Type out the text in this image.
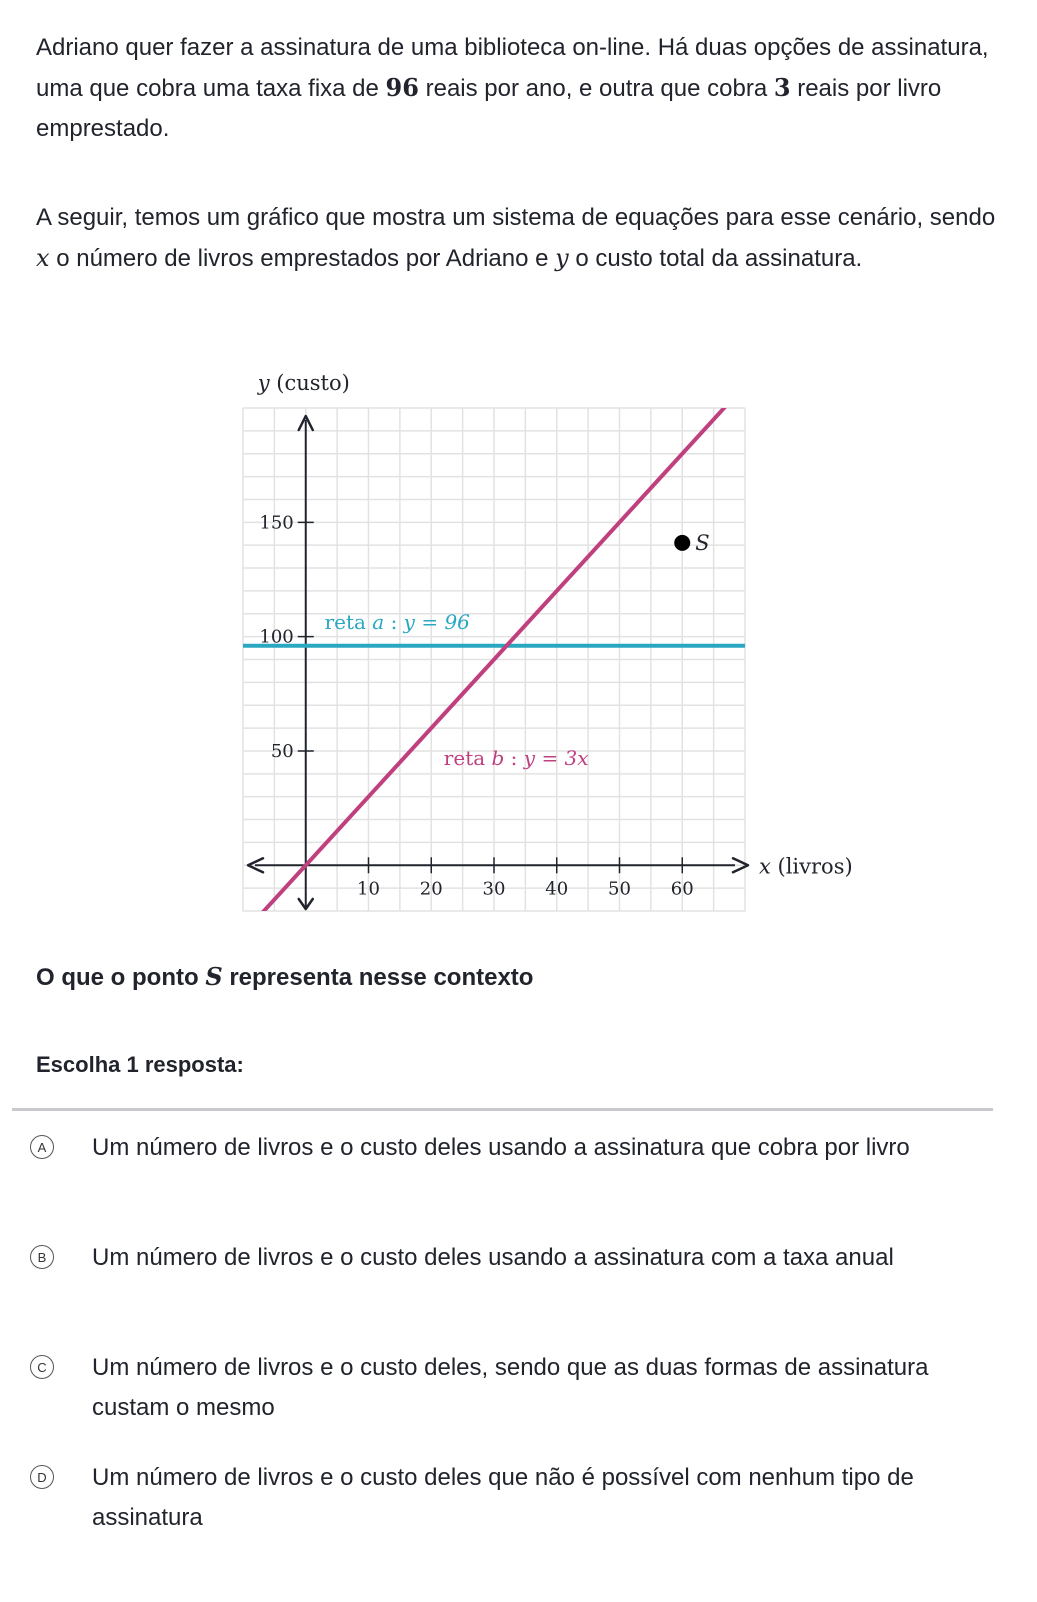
Adriano quer fazer a assinatura de uma biblioteca on-line. Há duas opções de assinatura, uma que cobra uma taxa fixa de 96 reais por ano, e outra que cobra 3 reais por livro emprestado.

A seguir, temos um gráfico que mostra um sistema de equações para esse cenário, sendo x o número de livros emprestados por Adriano e y o custo total da assinatura.

10 20 30 40 50 60
50
100
150
y (custo)
x (livros)
reta a : y = 96
reta b : y = 3x
S

O que o ponto S representa nesse contexto

Escolha 1 resposta:

A	Um número de livros e o custo deles usando a assinatura que cobra por livro
B	Um número de livros e o custo deles usando a assinatura com a taxa anual
C	Um número de livros e o custo deles, sendo que as duas formas de assinatura custam o mesmo
D	Um número de livros e o custo deles que não é possível com nenhum tipo de assinatura
